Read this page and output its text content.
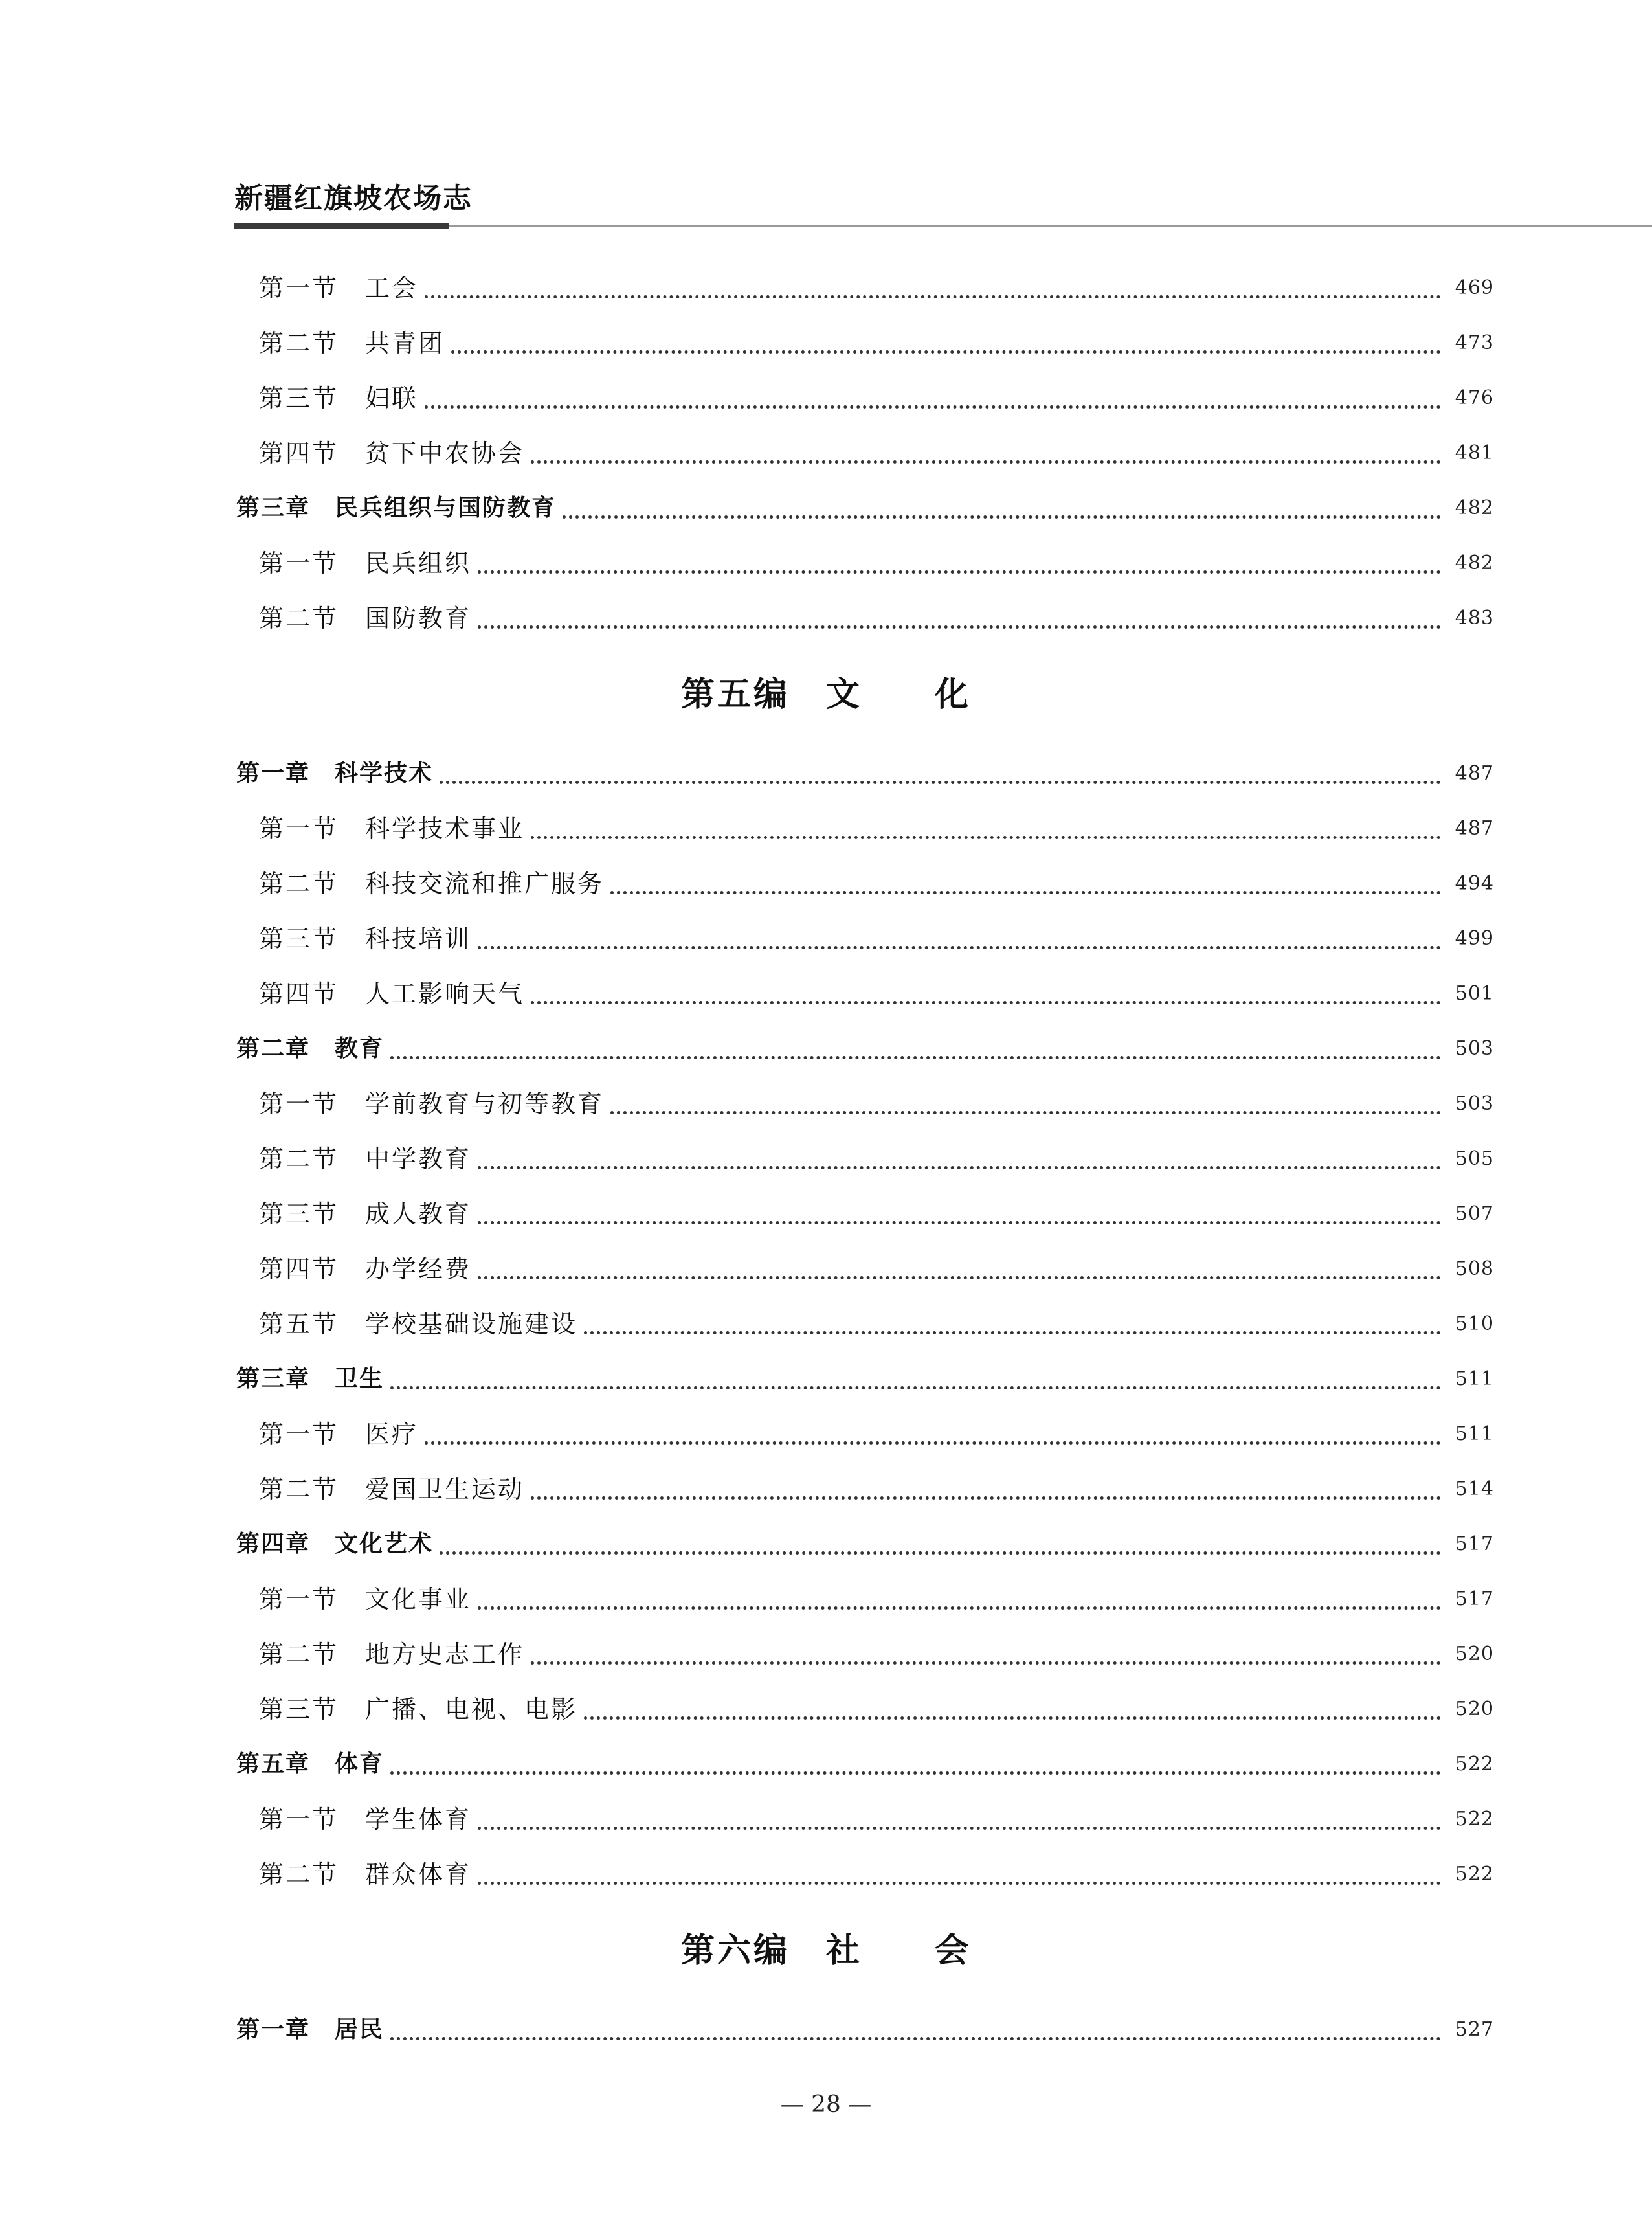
新疆红旗坡农场志
第一节　工会	469
第二节　共青团	473
第三节　妇联	476
第四节　贫下中农协会	481
第三章　民兵组织与国防教育	482
第一节　民兵组织	482
第二节　国防教育	483
第五编　文　　化
第一章　科学技术	487
第一节　科学技术事业	487
第二节　科技交流和推广服务	494
第三节　科技培训	499
第四节　人工影响天气	501
第二章　教育	503
第一节　学前教育与初等教育	503
第二节　中学教育	505
第三节　成人教育	507
第四节　办学经费	508
第五节　学校基础设施建设	510
第三章　卫生	511
第一节　医疗	511
第二节　爱国卫生运动	514
第四章　文化艺术	517
第一节　文化事业	517
第二节　地方史志工作	520
第三节　广播、电视、电影	520
第五章　体育	522
第一节　学生体育	522
第二节　群众体育	522
第六编　社　　会
第一章　居民	527
— 28 —
